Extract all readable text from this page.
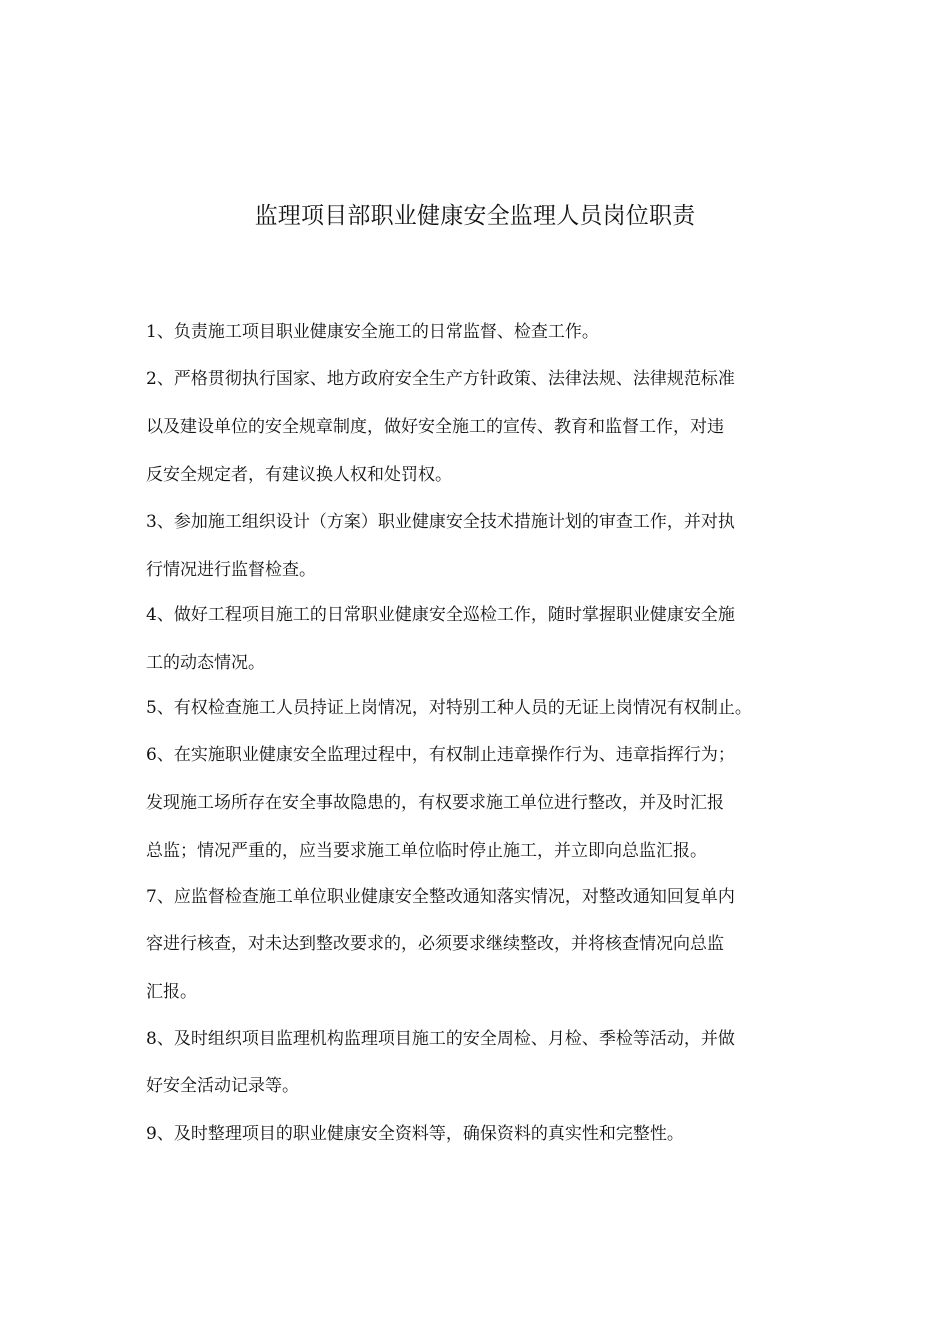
监理项目部职业健康安全监理人员岗位职责
1、负责施工项目职业健康安全施工的日常监督、检查工作。
2、严格贯彻执行国家、地方政府安全生产方针政策、法律法规、法律规范标准
以及建设单位的安全规章制度，做好安全施工的宣传、教育和监督工作，对违
反安全规定者，有建议换人权和处罚权。
3、参加施工组织设计（方案）职业健康安全技术措施计划的审查工作，并对执
行情况进行监督检查。
4、做好工程项目施工的日常职业健康安全巡检工作，随时掌握职业健康安全施
工的动态情况。
5、有权检查施工人员持证上岗情况，对特别工种人员的无证上岗情况有权制止。
6、在实施职业健康安全监理过程中，有权制止违章操作行为、违章指挥行为；
发现施工场所存在安全事故隐患的，有权要求施工单位进行整改，并及时汇报
总监；情况严重的，应当要求施工单位临时停止施工，并立即向总监汇报。
7、应监督检查施工单位职业健康安全整改通知落实情况，对整改通知回复单内
容进行核查，对未达到整改要求的，必须要求继续整改，并将核查情况向总监
汇报。
8、及时组织项目监理机构监理项目施工的安全周检、月检、季检等活动，并做
好安全活动记录等。
9、及时整理项目的职业健康安全资料等，确保资料的真实性和完整性。
